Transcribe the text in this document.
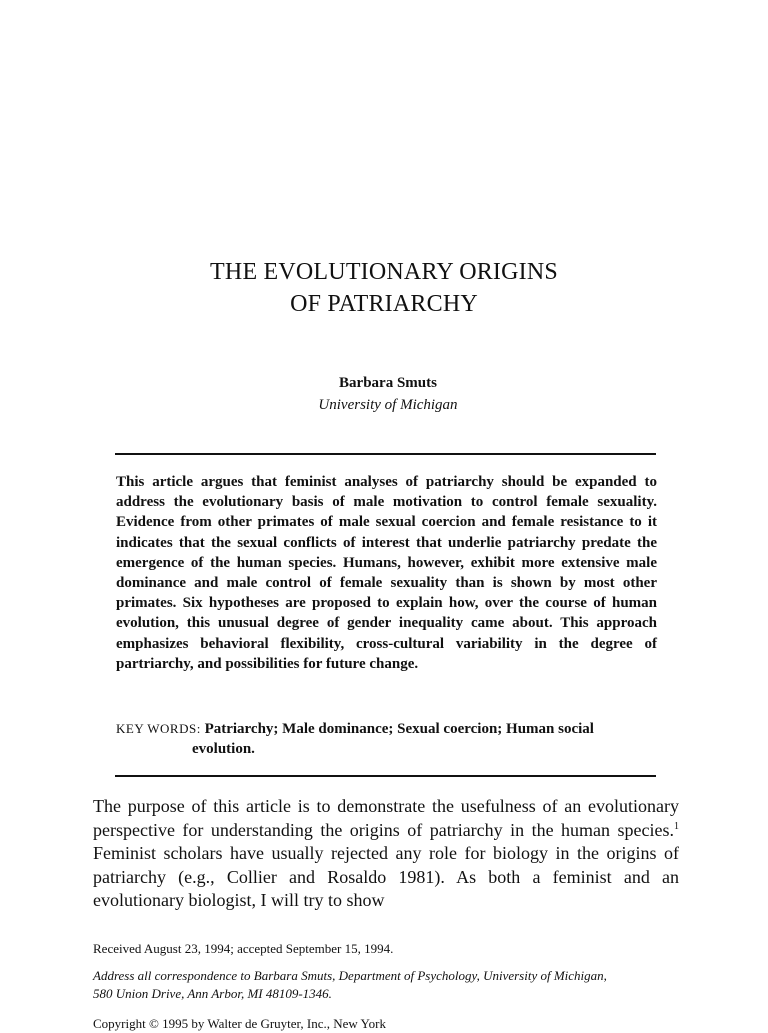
THE EVOLUTIONARY ORIGINS
OF PATRIARCHY
Barbara Smuts
University of Michigan
This article argues that feminist analyses of patriarchy should be expanded to address the evolutionary basis of male motivation to control female sexuality. Evidence from other primates of male sexual coercion and female resistance to it indicates that the sexual conflicts of interest that underlie patriarchy predate the emergence of the human species. Humans, however, exhibit more extensive male dominance and male control of female sexuality than is shown by most other primates. Six hypotheses are proposed to explain how, over the course of human evolution, this unusual degree of gender inequality came about. This approach emphasizes behavioral flexibility, cross-cultural variability in the degree of partriarchy, and possibilities for future change.
KEY WORDS: Patriarchy; Male dominance; Sexual coercion; Human social
evolution.
The purpose of this article is to demonstrate the usefulness of an evolutionary perspective for understanding the origins of patriarchy in the human species.$^1$ Feminist scholars have usually rejected any role for biology in the origins of patriarchy (e.g., Collier and Rosaldo 1981). As both a feminist and an evolutionary biologist, I will try to show
Received August 23, 1994; accepted September 15, 1994.
Address all correspondence to Barbara Smuts, Department of Psychology, University of Michigan,
580 Union Drive, Ann Arbor, MI 48109-1346.
Copyright © 1995 by Walter de Gruyter, Inc., New York
